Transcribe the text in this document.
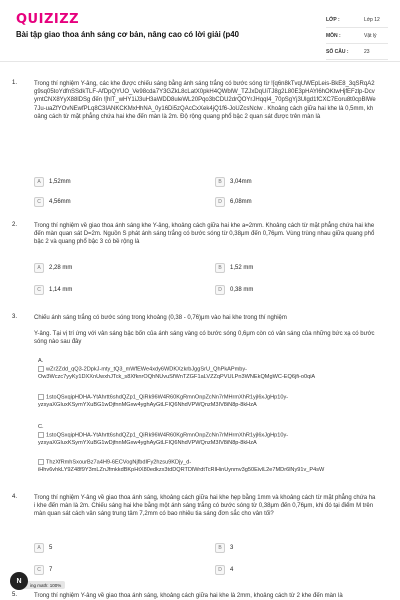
QUIZIZZ
Bài tập giao thoa ánh sáng cơ bản, nâng cao có lời giải (p40
LỚP :	Lớp 12
MÔN :	Vật lý
SỐ CÂU :	23
1.	Trong thí nghiệm Y-âng, các khe được chiếu sáng bằng ánh sáng trắng có bước sóng từ ![q6n8kTvqUWEpLeis-BkE8_3qSRqA2g9sq05toYdfnSSdkTLF-AfDpQYUO_Ve98cda7Y3GZkL8cLatX0pkH4QWblW_TZJxDqUiTJ8g2L80E3pHAYl6hOKtwHjfEFzlp-DcvymtCNX8YyX88lDSg đến ![hlT_wHY1iJ3uH3aWDD8uleWL20Pqo3bCDU2drQOYrJHqqI4_70pSgYj3Ulgd1fCXC7Eoru8t0cpBlWe7Ju-uaZfYOvNEwfPLq8C3IANKCKMxHhNA_0y16Di5zQAcCxXek4jQ1f6-JoUZcsNclw . Khoảng cách giữa hai khe là 0,5mm, khoảng cách từ mặt phẳng chứa hai khe đến màn là 2m. Độ rộng quang phổ bậc 2 quan sát được trên màn là
A	1,52mm	B	3,04mm
C	4,56mm	D	6,08mm
2.	Trong thí nghiệm về giao thoa ánh sáng khe Y-âng, khoảng cách giữa hai khe a=2mm. Khoảng cách từ mặt phẳng chứa hai khe đến màn quan sát D=2m. Nguồn S phát ánh sáng trắng có bước sóng từ 0,38μm đến 0,76μm. Vùng trùng nhau giữa quang phổ bậc 2 và quang phổ bậc 3 có bề rộng là
A	2,28 mm	B	1,52 mm
C	1,14 mm	D	0,38 mm
3.	Chiếu ánh sáng trắng có bước sóng trong khoảng (0,38 - 0,76)μm vào hai khe trong thí nghiệm
Y-âng. Tại vị trí ứng với vân sáng bậc bốn của ánh sáng vàng có bước sóng 0,6μm còn có vân sáng của những bức xạ có bước sóng nào sau đây
A.
wZr2Zdd_qQ3-2DpkJ-mty_tQ3_mWfEWe4xdy6WDKXzkrbJggSrU_QhPkAPmby-
Ow3Wczc7yyKy1DXXnUwxhJTck_s8XfknrOQhNUvuSfWnTZGF1aLVZZqPVULPn3WNEkQMgWC-EQ6jfi-o0qiA
1stoQSxqipHDHA-YtAhrtt6shdQZp1_QiRk96W4R60KgRmnOnpZcNn7rMHrmXhR1yjl6xJgHp10y-
yzsyaXGIuxKSymYXuBG1wDjfnnMGxw4yghAyGtLFIQ6NhdVPWQnzM3IV8iN8p-8kHzA
C.
1stoQSxqipHDHA-YtAhrtt6shdQZp1_QiRk96W4R60KgRmnOnpZcNn7rMHrmXhR1yjl6xJgHp10y-
yzsyaXGIuxKSymYXuBG1wDjfnnMGxw4yghAyGtLFIQ6NhdVPWQnzM3IV8iN8p-8kHzA
ThzXfRmhSxourBz7a4H9-6ECVogNjfbdIFy2hzsu9KDjy_d-
iHhv6vhkLY9Z48f9Y3mLZnJfmkkdBKpHtX80edkzx3tdDQRTDlWrdtTcRlHinUynmv3g50EivlL2e7MDr6lNy91v_P4sW
4.	Trong thí nghiệm Y-âng về giao thoa ánh sáng, khoảng cách giữa hai khe hẹp bằng 1mm và khoảng cách từ mặt phẳng chứa hai khe đến màn là 2m. Chiếu sáng hai khe bằng một ánh sáng trắng có bước sóng từ 0,38μm đến 0,76μm, khi đó tại điểm M trên màn quan sát cách vân sáng trung tâm 7,2mm có bao nhiêu tia sáng đơn sắc cho vân tối?
A	5	B	3
C	7	D	4
5.	Trong thí nghiệm Y-âng về giao thoa ánh sáng, khoảng cách giữa hai khe là 2mm, khoảng cách từ 2 khe đến màn là
N
ing math: 100%
